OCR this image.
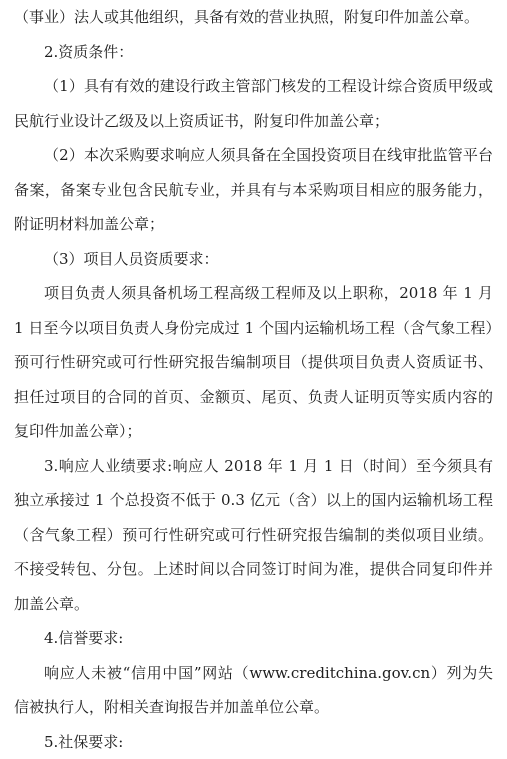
（事业）法人或其他组织，具备有效的营业执照，附复印件加盖公章。

2.资质条件：

（1）具有有效的建设行政主管部门核发的工程设计综合资质甲级或民航行业设计乙级及以上资质证书，附复印件加盖公章；

（2）本次采购要求响应人须具备在全国投资项目在线审批监管平台备案，备案专业包含民航专业，并具有与本采购项目相应的服务能力，附证明材料加盖公章；

（3）项目人员资质要求：

项目负责人须具备机场工程高级工程师及以上职称，2018 年 1 月 1 日至今以项目负责人身份完成过 1 个国内运输机场工程（含气象工程）预可行性研究或可行性研究报告编制项目（提供项目负责人资质证书、担任过项目的合同的首页、金额页、尾页、负责人证明页等实质内容的复印件加盖公章）；

3.响应人业绩要求:响应人 2018 年 1 月 1 日（时间）至今须具有独立承接过 1 个总投资不低于 0.3 亿元（含）以上的国内运输机场工程（含气象工程）预可行性研究或可行性研究报告编制的类似项目业绩。不接受转包、分包。上述时间以合同签订时间为准，提供合同复印件并加盖公章。

4.信誉要求:

响应人未被“信用中国”网站（www.creditchina.gov.cn）列为失信被执行人，附相关查询报告并加盖单位公章。

5.社保要求:
